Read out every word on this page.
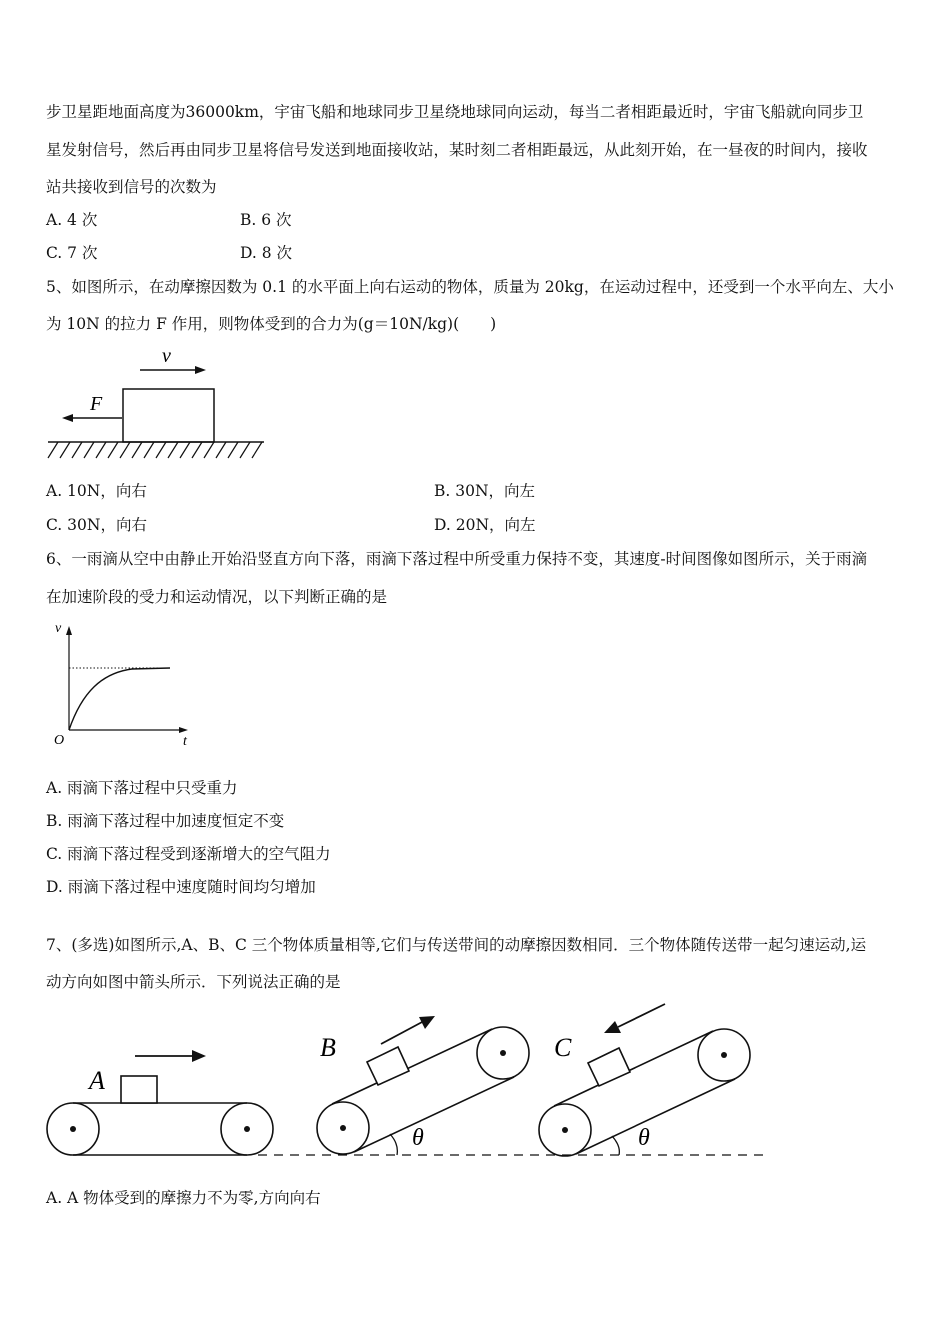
步卫星距地面高度为36000km，宇宙飞船和地球同步卫星绕地球同向运动，每当二者相距最近时，宇宙飞船就向同步卫
星发射信号，然后再由同步卫星将信号发送到地面接收站，某时刻二者相距最远，从此刻开始，在一昼夜的时间内，接收
站共接收到信号的次数为
A. 4 次	B. 6 次
C. 7 次	D. 8 次
5、如图所示，在动摩擦因数为 0.1 的水平面上向右运动的物体，质量为 20kg，在运动过程中，还受到一个水平向左、大小
为 10N 的拉力 F 作用，则物体受到的合力为(g＝10N/kg)(　　)
v
F
A. 10N，向右	B. 30N，向左
C. 30N，向右	D. 20N，向左
6、一雨滴从空中由静止开始沿竖直方向下落，雨滴下落过程中所受重力保持不变，其速度-时间图像如图所示，关于雨滴
在加速阶段的受力和运动情况，以下判断正确的是
v
t
O
A. 雨滴下落过程中只受重力
B. 雨滴下落过程中加速度恒定不变
C. 雨滴下落过程受到逐渐增大的空气阻力
D. 雨滴下落过程中速度随时间均匀增加
7、(多选)如图所示,A、B、C 三个物体质量相等,它们与传送带间的动摩擦因数相同．三个物体随传送带一起匀速运动,运
动方向如图中箭头所示．下列说法正确的是
A
B
θ
C
θ
A. A 物体受到的摩擦力不为零,方向向右
